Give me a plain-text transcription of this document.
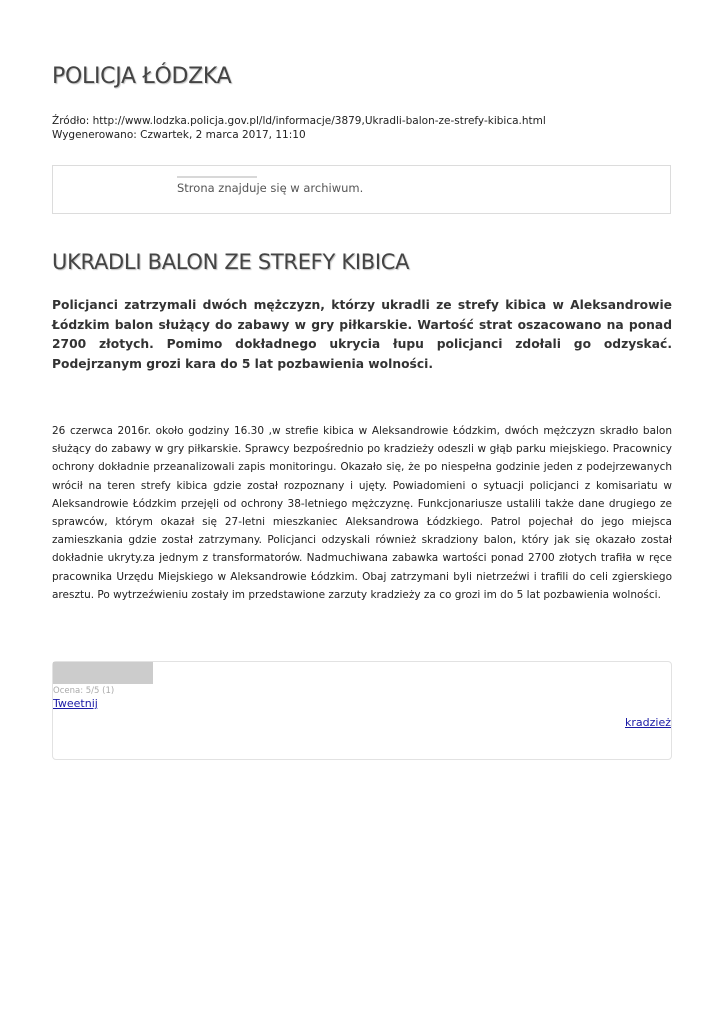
POLICJA ŁÓDZKA
Źródło: http://www.lodzka.policja.gov.pl/ld/informacje/3879,Ukradli-balon-ze-strefy-kibica.html
Wygenerowano: Czwartek, 2 marca 2017, 11:10
Strona znajduje się w archiwum.
UKRADLI BALON ZE STREFY KIBICA

Policjanci zatrzymali dwóch mężczyzn, którzy ukradli ze strefy kibica w Aleksandrowie Łódzkim balon służący do zabawy w gry piłkarskie. Wartość strat oszacowano na ponad 2700 złotych. Pomimo dokładnego ukrycia łupu policjanci zdołali go odzyskać. Podejrzanym grozi kara do 5 lat pozbawienia wolności.

26 czerwca 2016r. około godziny 16.30 ,w strefie kibica w Aleksandrowie Łódzkim, dwóch mężczyzn skradło balon służący do zabawy w gry piłkarskie. Sprawcy bezpośrednio po kradzieży odeszli w głąb parku miejskiego. Pracownicy ochrony dokładnie przeanalizowali zapis monitoringu. Okazało się, że po niespełna godzinie jeden z podejrzewanych wrócił na teren strefy kibica gdzie został rozpoznany i ujęty. Powiadomieni o sytuacji policjanci z komisariatu w Aleksandrowie Łódzkim przejęli od ochrony 38-letniego mężczyznę. Funkcjonariusze ustalili także dane drugiego ze sprawców, którym okazał się 27-letni mieszkaniec Aleksandrowa Łódzkiego. Patrol pojechał do jego miejsca zamieszkania gdzie został zatrzymany. Policjanci odzyskali również skradziony balon, który jak się okazało został dokładnie ukryty.za jednym z transformatorów. Nadmuchiwana zabawka wartości ponad 2700 złotych trafiła w ręce pracownika Urzędu Miejskiego w Aleksandrowie Łódzkim. Obaj zatrzymani byli nietrzeźwi i trafili do celi zgierskiego aresztu. Po wytrzeźwieniu zostały im przedstawione zarzuty kradzieży za co grozi im do 5 lat pozbawienia wolności.

Ocena: 5/5 (1)
Tweetnij
kradzież
